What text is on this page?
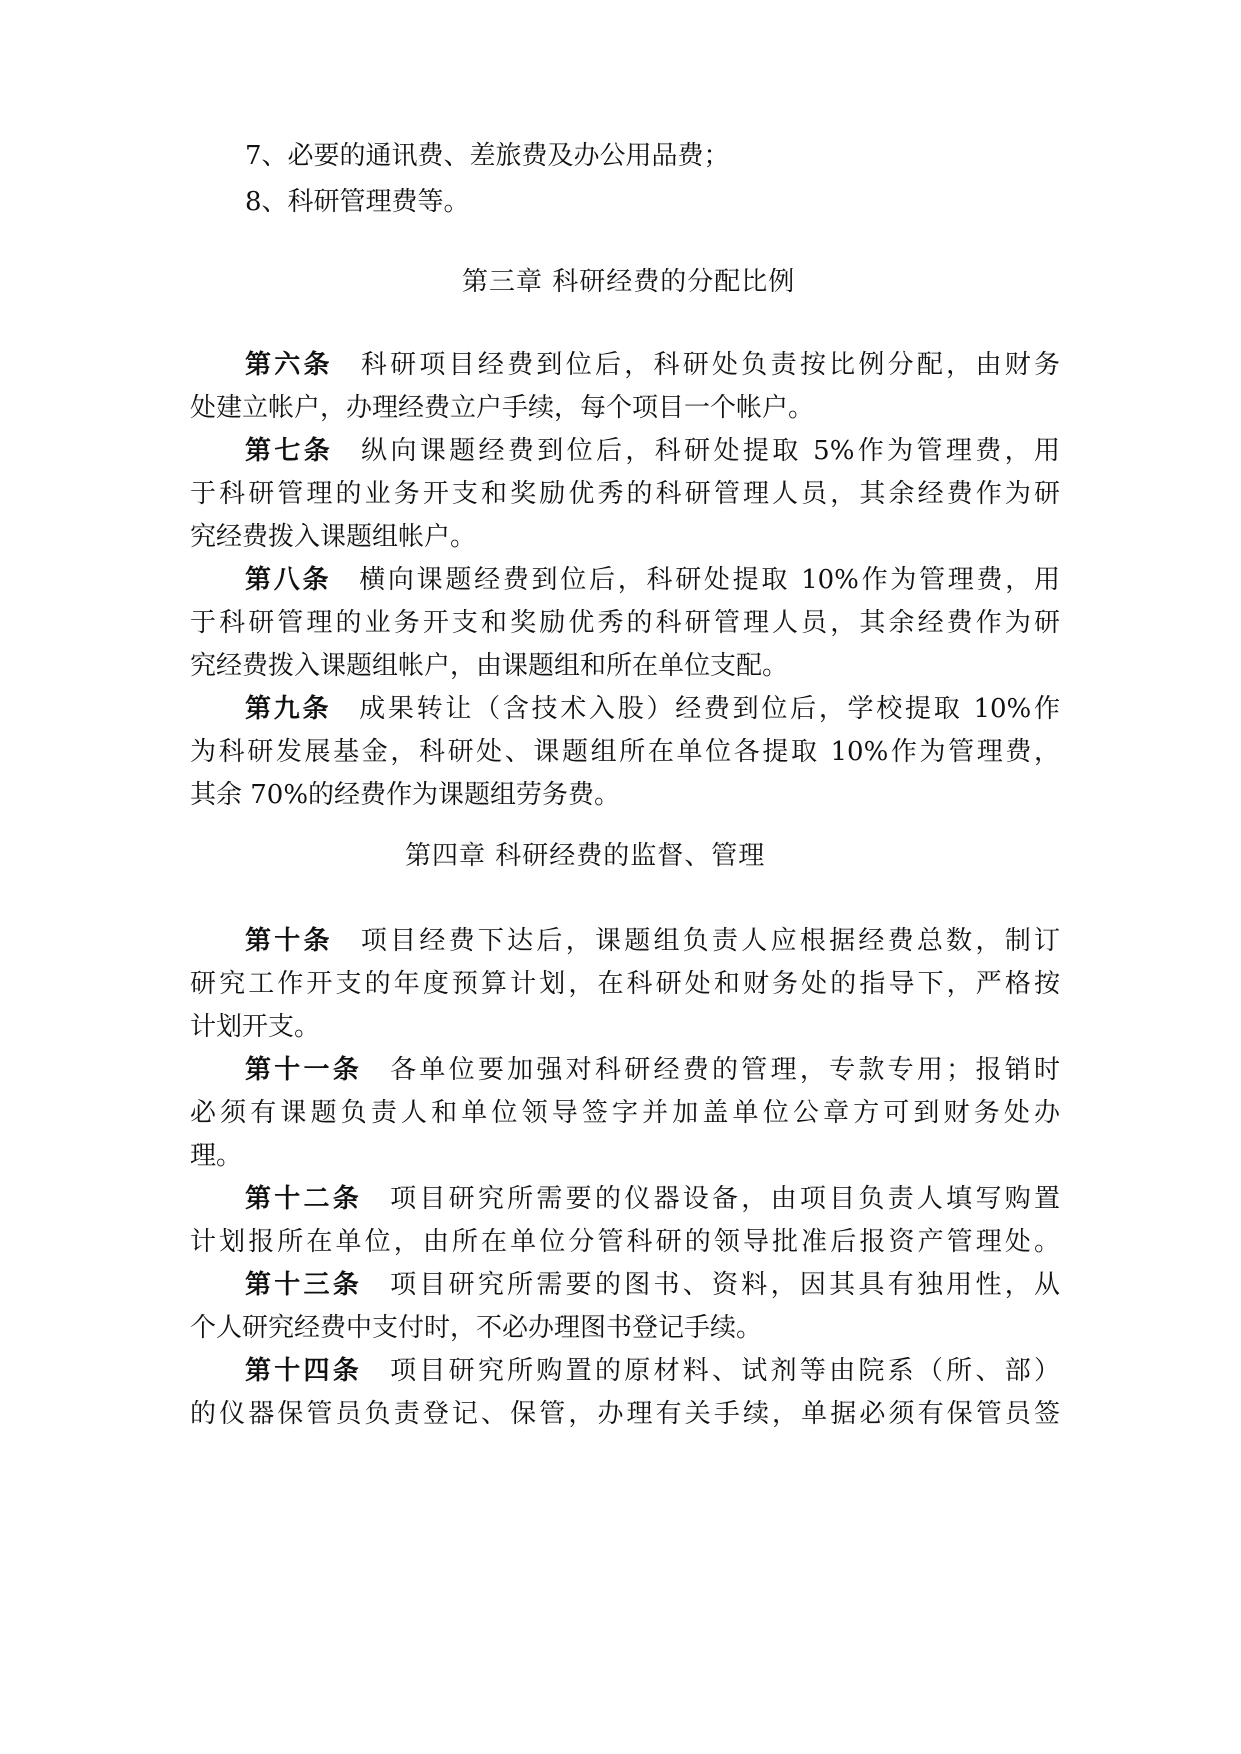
7、必要的通讯费、差旅费及办公用品费；
8、科研管理费等。
第三章 科研经费的分配比例
第六条 科研项目经费到位后，科研处负责按比例分配，由财务
处建立帐户，办理经费立户手续，每个项目一个帐户。
第七条 纵向课题经费到位后，科研处提取 5%作为管理费，用
于科研管理的业务开支和奖励优秀的科研管理人员，其余经费作为研
究经费拨入课题组帐户。
第八条 横向课题经费到位后，科研处提取 10%作为管理费，用
于科研管理的业务开支和奖励优秀的科研管理人员，其余经费作为研
究经费拨入课题组帐户，由课题组和所在单位支配。
第九条 成果转让（含技术入股）经费到位后，学校提取 10%作
为科研发展基金，科研处、课题组所在单位各提取 10%作为管理费，
其余 70%的经费作为课题组劳务费。
第四章 科研经费的监督、管理
第十条 项目经费下达后，课题组负责人应根据经费总数，制订
研究工作开支的年度预算计划，在科研处和财务处的指导下，严格按
计划开支。
第十一条 各单位要加强对科研经费的管理，专款专用；报销时
必须有课题负责人和单位领导签字并加盖单位公章方可到财务处办
理。
第十二条 项目研究所需要的仪器设备，由项目负责人填写购置
计划报所在单位，由所在单位分管科研的领导批准后报资产管理处。
第十三条 项目研究所需要的图书、资料，因其具有独用性，从
个人研究经费中支付时，不必办理图书登记手续。
第十四条 项目研究所购置的原材料、试剂等由院系（所、部）
的仪器保管员负责登记、保管，办理有关手续，单据必须有保管员签
